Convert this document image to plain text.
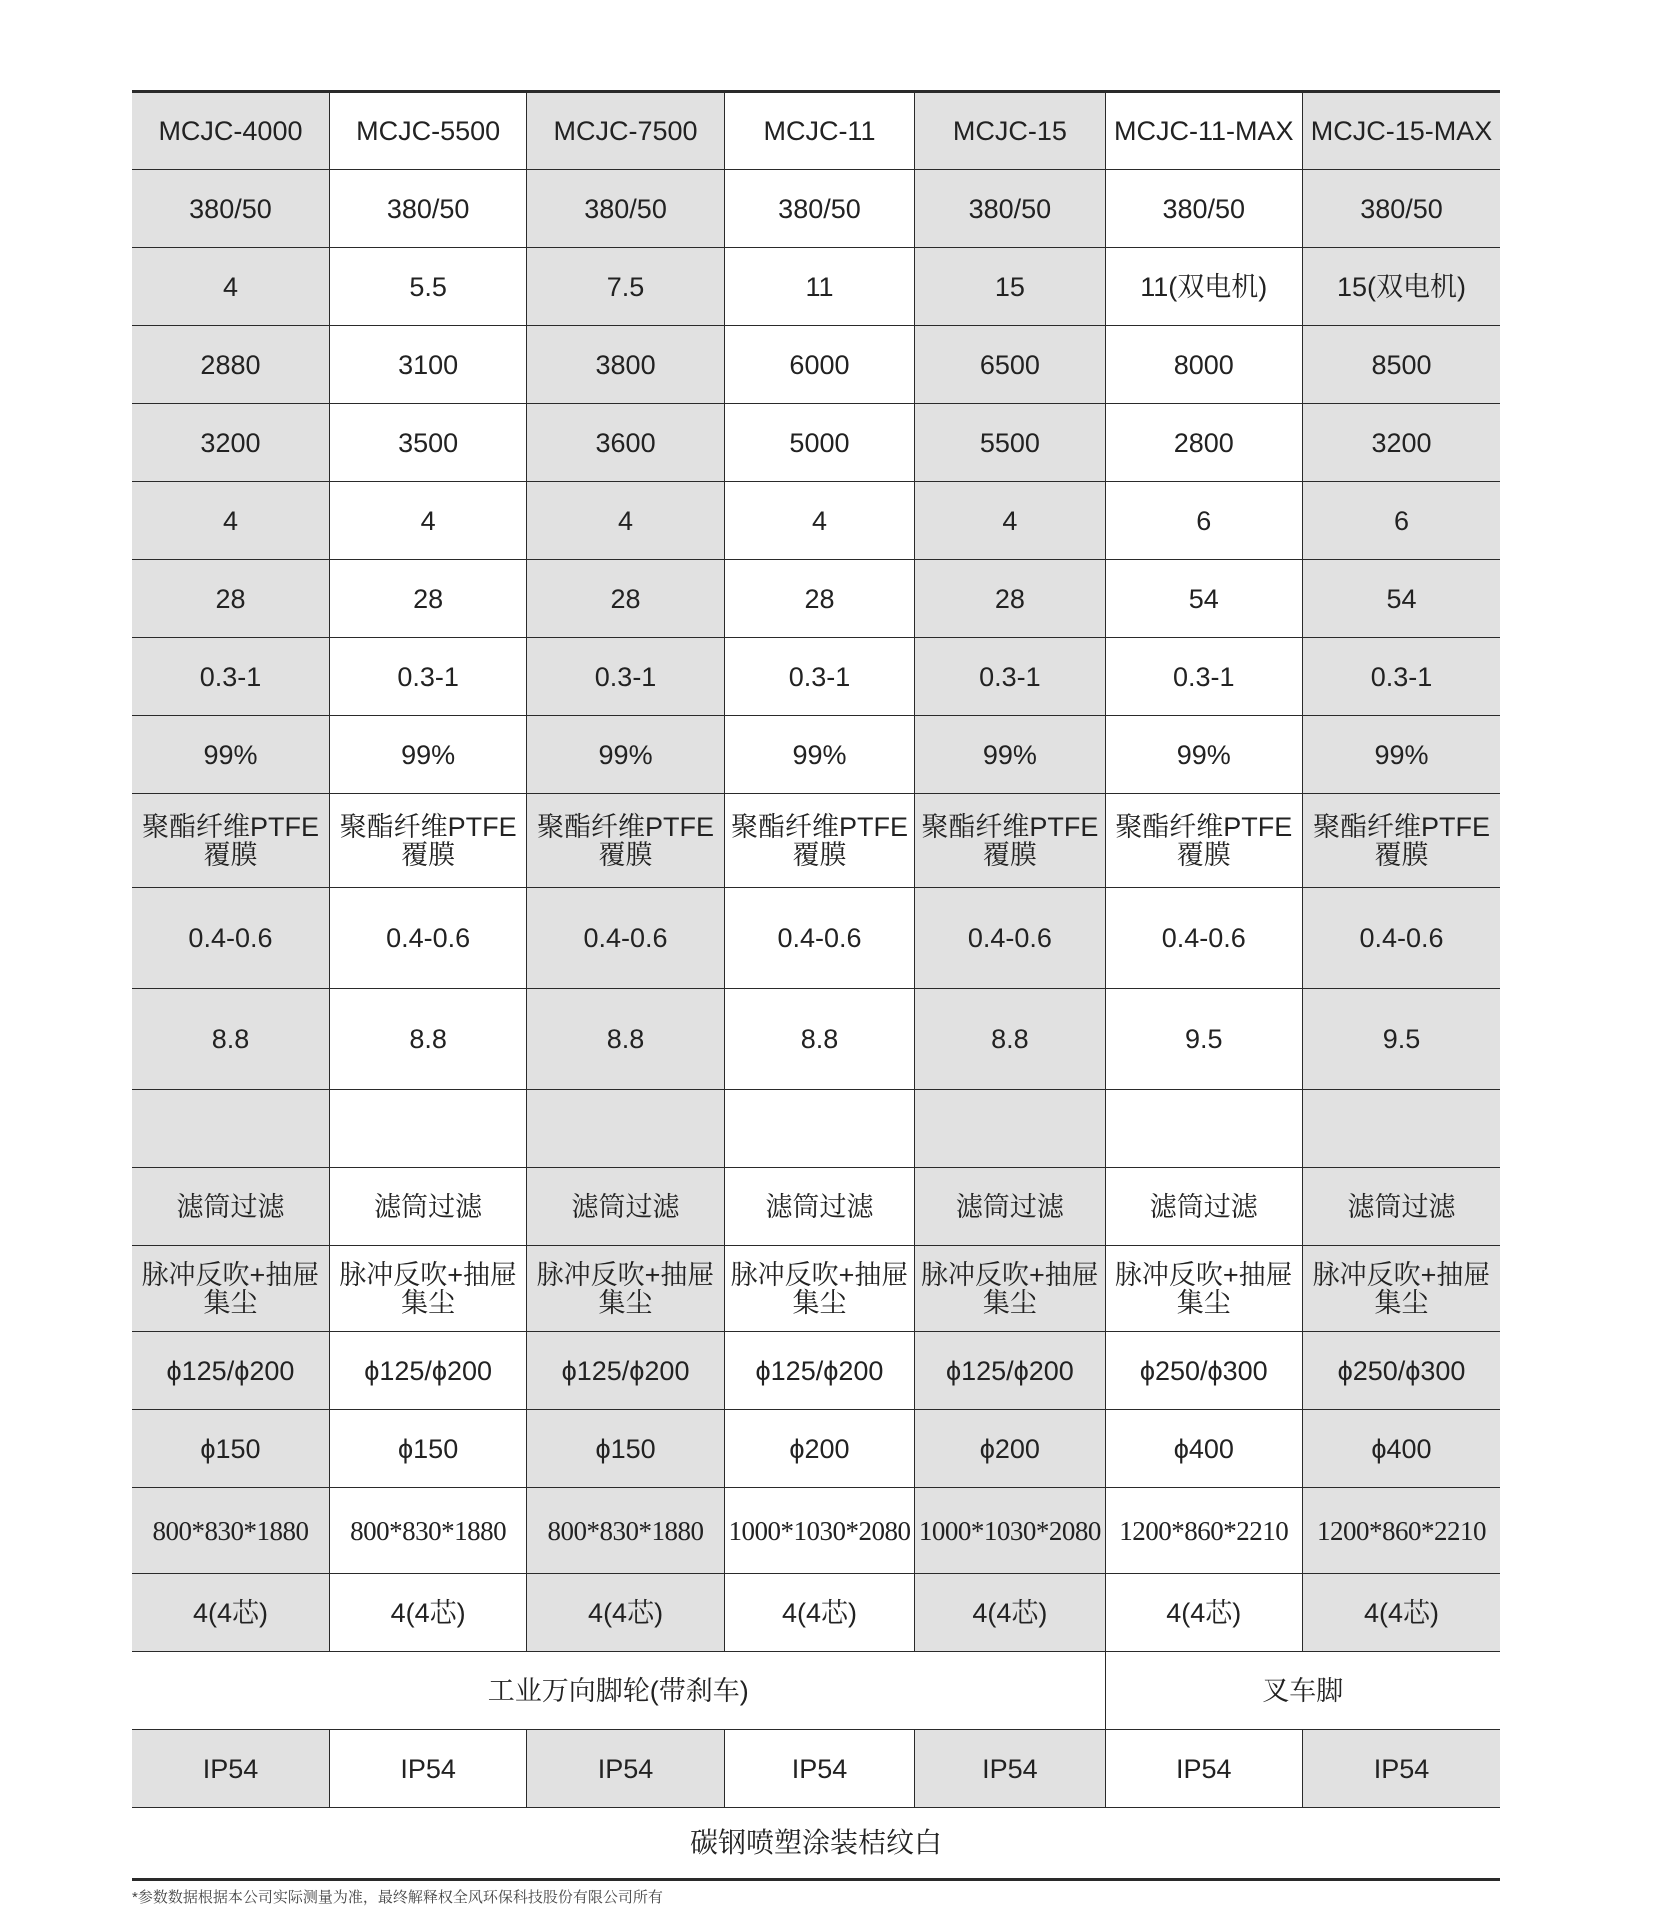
MCJC-4000	MCJC-5500	MCJC-7500	MCJC-11	MCJC-15	MCJC-11-MAX	MCJC-15-MAX
380/50	380/50	380/50	380/50	380/50	380/50	380/50
4	5.5	7.5	11	15	11(双电机)	15(双电机)
2880	3100	3800	6000	6500	8000	8500
3200	3500	3600	5000	5500	2800	3200
4	4	4	4	4	6	6
28	28	28	28	28	54	54
0.3-1	0.3-1	0.3-1	0.3-1	0.3-1	0.3-1	0.3-1
99%	99%	99%	99%	99%	99%	99%
聚酯纤维PTFE覆膜	聚酯纤维PTFE覆膜	聚酯纤维PTFE覆膜	聚酯纤维PTFE覆膜	聚酯纤维PTFE覆膜	聚酯纤维PTFE覆膜	聚酯纤维PTFE覆膜
0.4-0.6	0.4-0.6	0.4-0.6	0.4-0.6	0.4-0.6	0.4-0.6	0.4-0.6
8.8	8.8	8.8	8.8	8.8	9.5	9.5

滤筒过滤	滤筒过滤	滤筒过滤	滤筒过滤	滤筒过滤	滤筒过滤	滤筒过滤
脉冲反吹+抽屉集尘	脉冲反吹+抽屉集尘	脉冲反吹+抽屉集尘	脉冲反吹+抽屉集尘	脉冲反吹+抽屉集尘	脉冲反吹+抽屉集尘	脉冲反吹+抽屉集尘
ϕ125/ϕ200	ϕ125/ϕ200	ϕ125/ϕ200	ϕ125/ϕ200	ϕ125/ϕ200	ϕ250/ϕ300	ϕ250/ϕ300
ϕ150	ϕ150	ϕ150	ϕ200	ϕ200	ϕ400	ϕ400
800*830*1880	800*830*1880	800*830*1880	1000*1030*2080	1000*1030*2080	1200*860*2210	1200*860*2210
4(4芯)	4(4芯)	4(4芯)	4(4芯)	4(4芯)	4(4芯)	4(4芯)
工业万向脚轮(带刹车)					叉车脚	
IP54	IP54	IP54	IP54	IP54	IP54	IP54
碳钢喷塑涂装桔纹白
*参数数据根据本公司实际测量为准，最终解释权全风环保科技股份有限公司所有
